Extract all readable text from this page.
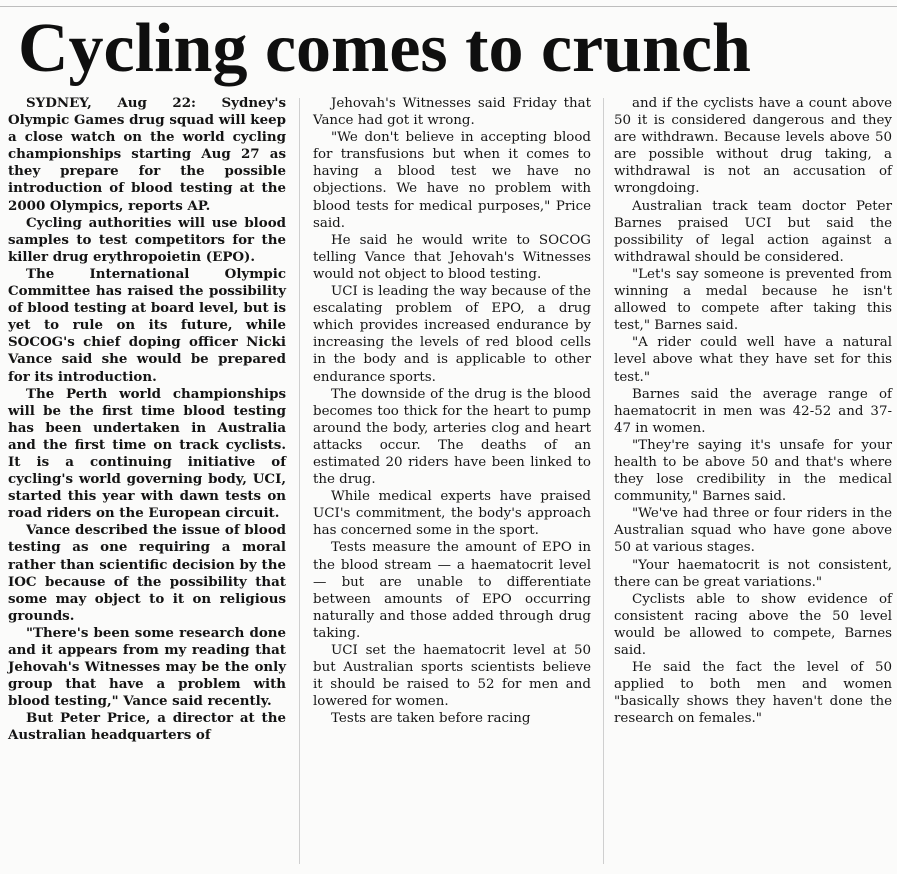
Cycling comes to crunch

SYDNEY, Aug 22: Sydney's Olympic Games drug squad will keep a close watch on the world cycling championships starting Aug 27 as they prepare for the possible introduction of blood testing at the 2000 Olympics, reports AP.

Cycling authorities will use blood samples to test competitors for the killer drug erythropoietin (EPO).

The International Olympic Committee has raised the possibility of blood testing at board level, but is yet to rule on its future, while SOCOG's chief doping officer Nicki Vance said she would be prepared for its introduction.

The Perth world championships will be the first time blood testing has been undertaken in Australia and the first time on track cyclists. It is a continuing initiative of cycling's world governing body, UCI, started this year with dawn tests on road riders on the European circuit.

Vance described the issue of blood testing as one requiring a moral rather than scientific decision by the IOC because of the possibility that some may object to it on religious grounds.

"There's been some research done and it appears from my reading that Jehovah's Witnesses may be the only group that have a problem with blood testing," Vance said recently.

But Peter Price, a director at the Australian headquarters of

Jehovah's Witnesses said Friday that Vance had got it wrong.

"We don't believe in accepting blood for transfusions but when it comes to having a blood test we have no objections. We have no problem with blood tests for medical purposes," Price said.

He said he would write to SOCOG telling Vance that Jehovah's Witnesses would not object to blood testing.

UCI is leading the way because of the escalating problem of EPO, a drug which provides increased endurance by increasing the levels of red blood cells in the body and is applicable to other endurance sports.

The downside of the drug is the blood becomes too thick for the heart to pump around the body, arteries clog and heart attacks occur. The deaths of an estimated 20 riders have been linked to the drug.

While medical experts have praised UCI's commitment, the body's approach has concerned some in the sport.

Tests measure the amount of EPO in the blood stream — a haematocrit level — but are unable to differentiate between amounts of EPO occurring naturally and those added through drug taking.

UCI set the haematocrit level at 50 but Australian sports scientists believe it should be raised to 52 for men and lowered for women.

Tests are taken before racing

and if the cyclists have a count above 50 it is considered dangerous and they are withdrawn. Because levels above 50 are possible without drug taking, a withdrawal is not an accusation of wrongdoing.

Australian track team doctor Peter Barnes praised UCI but said the possibility of legal action against a withdrawal should be considered.

"Let's say someone is prevented from winning a medal because he isn't allowed to compete after taking this test," Barnes said.

"A rider could well have a natural level above what they have set for this test."

Barnes said the average range of haematocrit in men was 42-52 and 37-47 in women.

"They're saying it's unsafe for your health to be above 50 and that's where they lose credibility in the medical community," Barnes said.

"We've had three or four riders in the Australian squad who have gone above 50 at various stages.

"Your haematocrit is not consistent, there can be great variations."

Cyclists able to show evidence of consistent racing above the 50 level would be allowed to compete, Barnes said.

He said the fact the level of 50 applied to both men and women "basically shows they haven't done the research on females."
